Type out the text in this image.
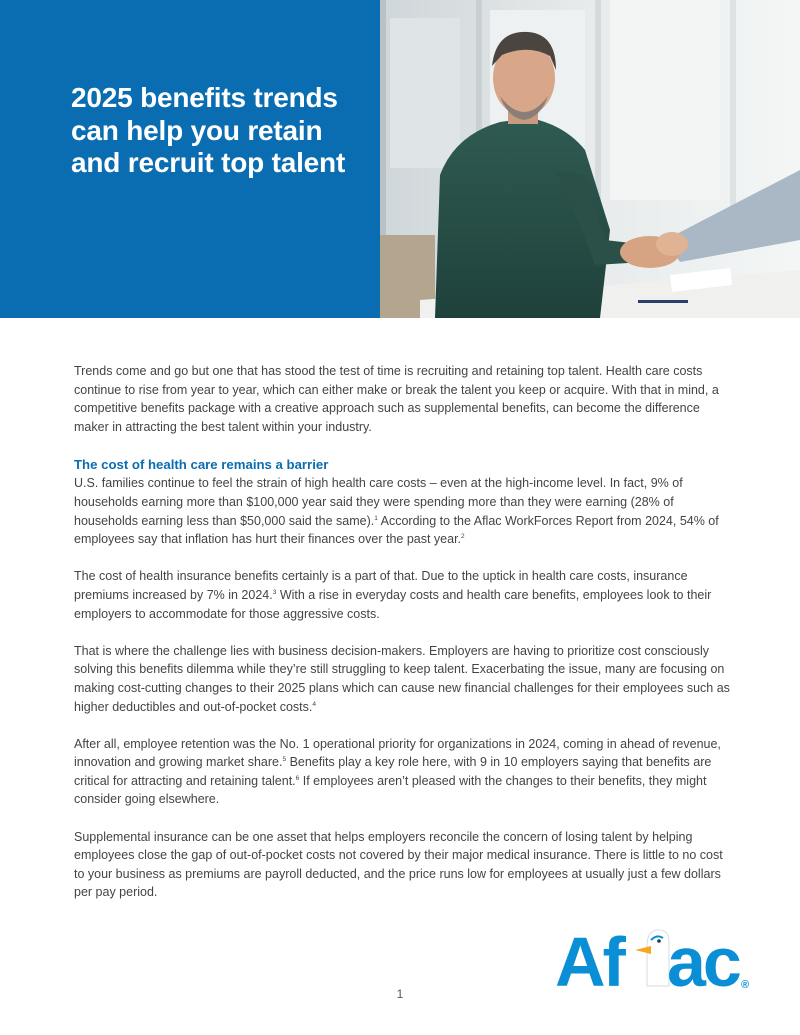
2025 benefits trends can help you retain and recruit top talent

Trends come and go but one that has stood the test of time is recruiting and retaining top talent. Health care costs continue to rise from year to year, which can either make or break the talent you keep or acquire. With that in mind, a competitive benefits package with a creative approach such as supplemental benefits, can become the difference maker in attracting the best talent within your industry.

The cost of health care remains a barrier

U.S. families continue to feel the strain of high health care costs – even at the high-income level. In fact, 9% of households earning more than $100,000 year said they were spending more than they were earning (28% of households earning less than $50,000 said the same).$^1$ According to the Aflac WorkForces Report from 2024, 54% of employees say that inflation has hurt their finances over the past year.$^2$

The cost of health insurance benefits certainly is a part of that. Due to the uptick in health care costs, insurance premiums increased by 7% in 2024.$^3$ With a rise in everyday costs and health care benefits, employees look to their employers to accommodate for those aggressive costs.

That is where the challenge lies with business decision-makers. Employers are having to prioritize cost consciously solving this benefits dilemma while they’re still struggling to keep talent. Exacerbating the issue, many are focusing on making cost-cutting changes to their 2025 plans which can cause new financial challenges for their employees such as higher deductibles and out-of-pocket costs.$^4$

After all, employee retention was the No. 1 operational priority for organizations in 2024, coming in ahead of revenue, innovation and growing market share.$^5$ Benefits play a key role here, with 9 in 10 employers saying that benefits are critical for attracting and retaining talent.$^6$ If employees aren’t pleased with the changes to their benefits, they might consider going elsewhere.

Supplemental insurance can be one asset that helps employers reconcile the concern of losing talent by helping employees close the gap of out-of-pocket costs not covered by their major medical insurance. There is little to no cost to your business as premiums are payroll deducted, and the price runs low for employees at usually just a few dollars per pay period.

Af ac ®
1
